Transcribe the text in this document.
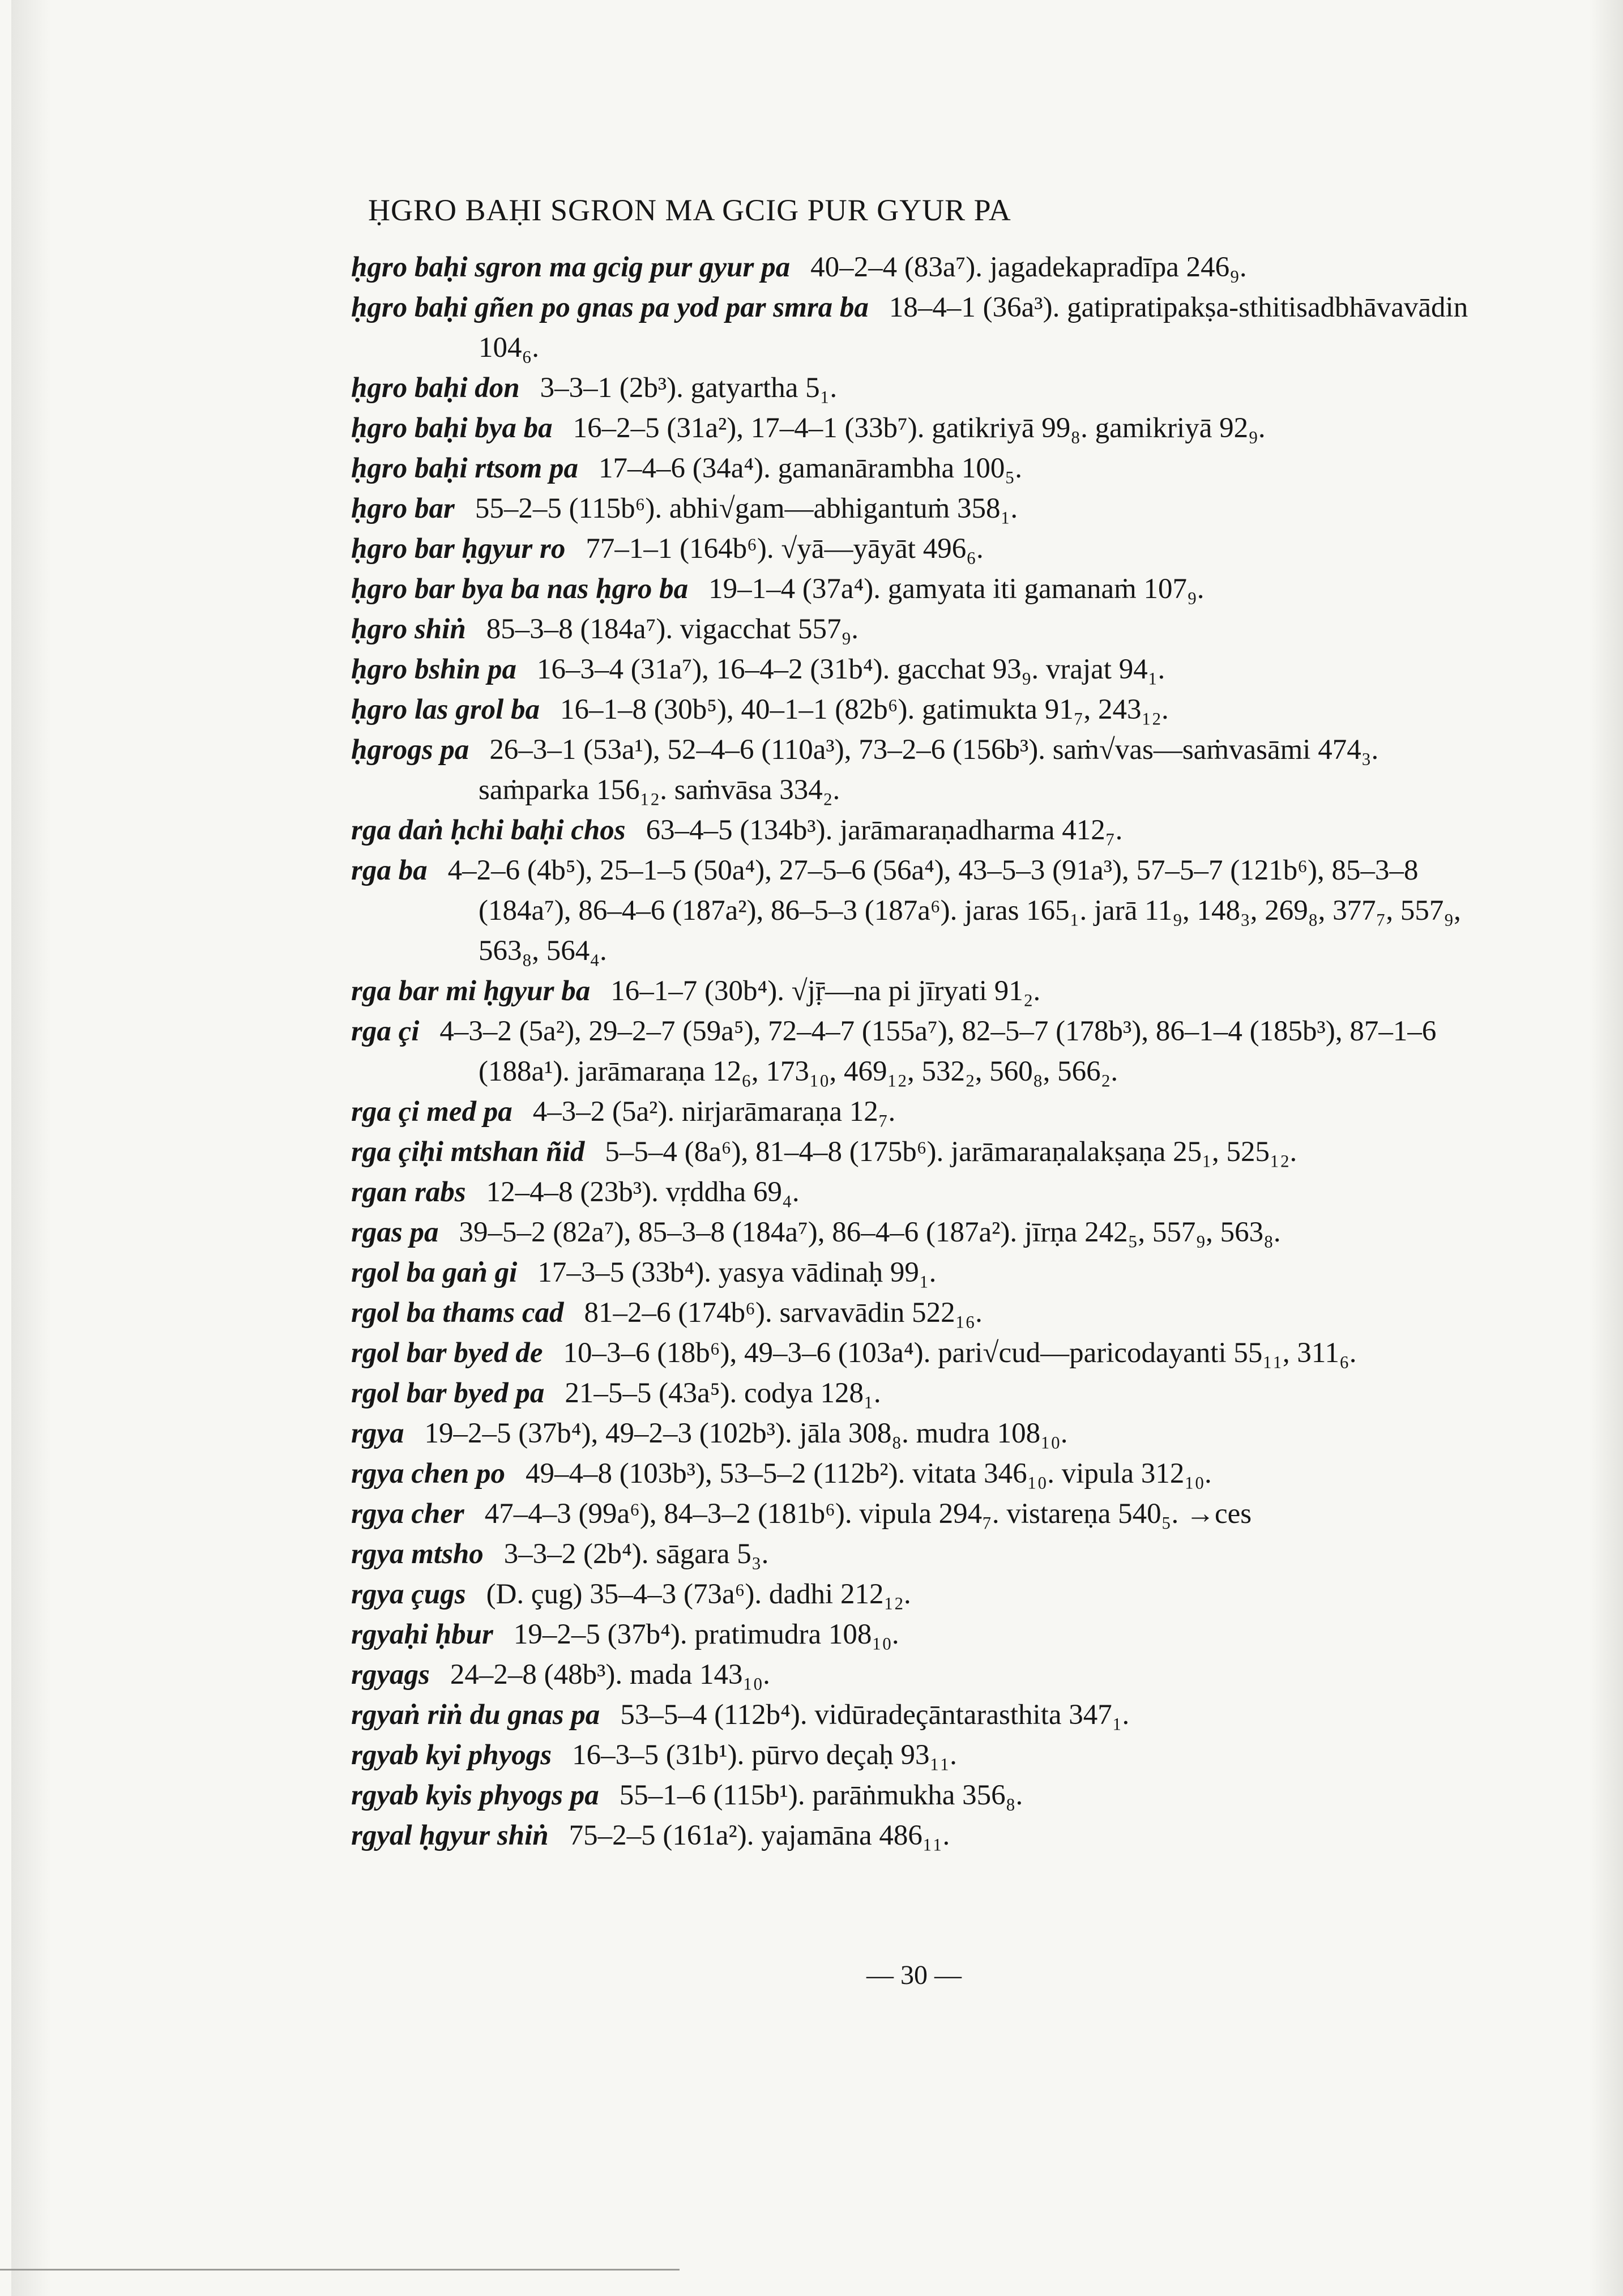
ḤGRO BAḤI SGRON MA GCIG PUR GYUR PA
ḥgro baḥi sgron ma gcig pur gyur pa 40–2–4 (83a⁷). jagadekapradīpa 246₉.
ḥgro baḥi gñen po gnas pa yod par smra ba 18–4–1 (36a³). gatipratipakṣa-sthitisadbhāvavādin 104₆.
ḥgro baḥi don 3–3–1 (2b³). gatyartha 5₁.
ḥgro baḥi bya ba 16–2–5 (31a²), 17–4–1 (33b⁷). gatikriyā 99₈. gamikriyā 92₉.
ḥgro baḥi rtsom pa 17–4–6 (34a⁴). gamanārambha 100₅.
ḥgro bar 55–2–5 (115b⁶). abhi√gam—abhigantuṁ 358₁.
ḥgro bar ḥgyur ro 77–1–1 (164b⁶). √yā—yāyāt 496₆.
ḥgro bar bya ba nas ḥgro ba 19–1–4 (37a⁴). gamyata iti gamanaṁ 107₉.
ḥgro shiṅ 85–3–8 (184a⁷). vigacchat 557₉.
ḥgro bshin pa 16–3–4 (31a⁷), 16–4–2 (31b⁴). gacchat 93₉. vrajat 94₁.
ḥgro las grol ba 16–1–8 (30b⁵), 40–1–1 (82b⁶). gatimukta 91₇, 243₁₂.
ḥgrogs pa 26–3–1 (53a¹), 52–4–6 (110a³), 73–2–6 (156b³). saṁ√vas—saṁvasāmi 474₃. saṁparka 156₁₂. saṁvāsa 334₂.
rga daṅ ḥchi baḥi chos 63–4–5 (134b³). jarāmaraṇadharma 412₇.
rga ba 4–2–6 (4b⁵), 25–1–5 (50a⁴), 27–5–6 (56a⁴), 43–5–3 (91a³), 57–5–7 (121b⁶), 85–3–8 (184a⁷), 86–4–6 (187a²), 86–5–3 (187a⁶). jaras 165₁. jarā 11₉, 148₃, 269₈, 377₇, 557₉, 563₈, 564₄.
rga bar mi ḥgyur ba 16–1–7 (30b⁴). √jṝ—na pi jīryati 91₂.
rga çi 4–3–2 (5a²), 29–2–7 (59a⁵), 72–4–7 (155a⁷), 82–5–7 (178b³), 86–1–4 (185b³), 87–1–6 (188a¹). jarāmaraṇa 12₆, 173₁₀, 469₁₂, 532₂, 560₈, 566₂.
rga çi med pa 4–3–2 (5a²). nirjarāmaraṇa 12₇.
rga çiḥi mtshan ñid 5–5–4 (8a⁶), 81–4–8 (175b⁶). jarāmaraṇalakṣaṇa 25₁, 525₁₂.
rgan rabs 12–4–8 (23b³). vṛddha 69₄.
rgas pa 39–5–2 (82a⁷), 85–3–8 (184a⁷), 86–4–6 (187a²). jīrṇa 242₅, 557₉, 563₈.
rgol ba gaṅ gi 17–3–5 (33b⁴). yasya vādinaḥ 99₁.
rgol ba thams cad 81–2–6 (174b⁶). sarvavādin 522₁₆.
rgol bar byed de 10–3–6 (18b⁶), 49–3–6 (103a⁴). pari√cud—paricodayanti 55₁₁, 311₆.
rgol bar byed pa 21–5–5 (43a⁵). codya 128₁.
rgya 19–2–5 (37b⁴), 49–2–3 (102b³). jāla 308₈. mudra 108₁₀.
rgya chen po 49–4–8 (103b³), 53–5–2 (112b²). vitata 346₁₀. vipula 312₁₀.
rgya cher 47–4–3 (99a⁶), 84–3–2 (181b⁶). vipula 294₇. vistareṇa 540₅. →ces
rgya mtsho 3–3–2 (2b⁴). sāgara 5₃.
rgya çugs (D. çug) 35–4–3 (73a⁶). dadhi 212₁₂.
rgyaḥi ḥbur 19–2–5 (37b⁴). pratimudra 108₁₀.
rgyags 24–2–8 (48b³). mada 143₁₀.
rgyaṅ riṅ du gnas pa 53–5–4 (112b⁴). vidūradeçāntarasthita 347₁.
rgyab kyi phyogs 16–3–5 (31b¹). pūrvo deçaḥ 93₁₁.
rgyab kyis phyogs pa 55–1–6 (115b¹). parāṅmukha 356₈.
rgyal ḥgyur shiṅ 75–2–5 (161a²). yajamāna 486₁₁.
— 30 —
